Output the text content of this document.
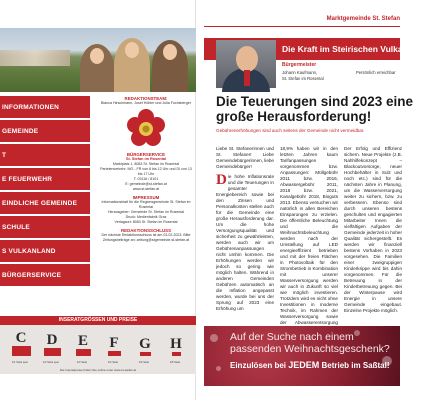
INFORMATIONEN
GEMEINDE
T
E FEUERWEHR
EINDLICHE GEMEINDE
SCHULE
S VULKANLAND
BÜRGERSERVICE
REDAKTIONSTEAM:
Bianca Hirschmann, Josef Höbler und Julia Fuchsberger
BÜRGERSERVICE
St. Stefan im Rosental
Marktplatz 1, 8083 St. Stefan im Rosental
Parteienverkehr: MO - FR von 8 bis 12 Uhr und DI von 13 bis 17 Uhr
T: 03116 / 8101
E: gemeinde@st-stefan.at
www.st-stefan.at
IMPRESSUM
Informationsblatt für die Regionsgemeinde St. Stefan im Rosental
Herausgeber: Gemeinde St. Stefan im Rosental
Druck: Medienfabrik Graz
Verlagsort: 8083 St. Stefan im Rosental
REDAKTIONSSCHLUSS
Der nächste Redaktionsschluss ist am 03.02.2023. Bitte Zeitungsbeiträge an: zeitung@stgemeinde.st-stefan.at
INSERATGRÖSSEN UND PREISE
C
1/1 Seite quer
D
1/2 Seite quer
E
1/3 Seite
F
1/4 Seite
G
1/6 Seite
H
1/8 Seite
Die Inseratpreise finden Sie online unter www.st-stefan.at
Marktgemeinde St. Stefan
Die Kraft im Steirischen Vulkanland
Bürgermeister
Johann Kaufmann,
St. Stefan im Rosental
Persönlich erreichbar
Die Teuerungen sind 2023 eine
große Herausforderung!
Gebührenerhöhungen sind auch seitens der Gemeinde nicht vermeidbar.

Liebe St. Stefanerinnen und St. Stefaner! Liebe Gemeindebürgerinnen, liebe Gemeindebürger!

Die hohe Inflationsrate und die Teuerungen in gesamter Energiebereich sowie bei den Zinsen und Personalkosten stellen auch für die Gemeinde eine große Herausforderung dar. Um die hohe Versorgungsqualität und sicherheit zu gewährleisten, werden auch wir um Gebührenanpassungen nicht umhin kommen. Die Erhöhungen werden wir jedoch so gering wie möglich halten. Während in anderen Gemeinden Gebühren automatisch an die Inflation angepasst werden, wurde bei uns der Sprung auf 2023 eine Erhöhung um

18,9% haben wir in den letzten Jahren kaum Tarifanpassungen vorgenommen bzw. Anpassungen: Müllgebühr 2011 bzw. 2016, Abwassergebühr 2011, 2018 bzw. 2021, Kanalgebühr 2018, Bioguts 2013. Ebenso versuchen wir natürlich in allen Bereichen Einsparungen zu erzielen. Die öffentliche Beleuchtung und die Weihnachtsbeleuchtung werden nach der Umstellung auf LED energieeffizient betrieben und mit der freien Flächen in Photovoltaik für den Strombetrieb in Kombination mit unserer Wasserversorgung werden wir auch in Zukunft so viel wie möglich investieren. Trotzdem wird es nicht ohne Investitionen in moderne Technik, im Rahmen der Wasserversorgung sowie der Abwasserentsorgung

Der Erfolg und Effizienz sichern. Neue Projekte (z.B. Nahhilfekonzept – Blackoutvorsorge, neuer Hochbehälter in Sulz und noch etc.) sind für die nächsten Jahre in Planung, um die Wasserversorgung weiter zu sichern, bzw. zu verbessern. Ebenso sind durch unseren bestens geschulten und engagierten Mitarbeiter Innen die vielfältigen Aufgaben der Gemeinde jederzeit in hoher Qualität sichergestellt. Es werden wir finanziell bestens Vorhaben in 2023 vorgesehen. Die Familien einer zweigruppigen Kinderkrippe wird bis dahin vorgenommen. Für die Betreuung in der Kinderbetreuung gegen. Bei der Winterpause wird Energie in unsere Gemeinde eingebaut. Einzelne Projekte möglich.

Auf der Suche nach einem
passenden Weihnachtsgeschenk?
Einzulösen bei JEDEM Betrieb im Saßtal!
